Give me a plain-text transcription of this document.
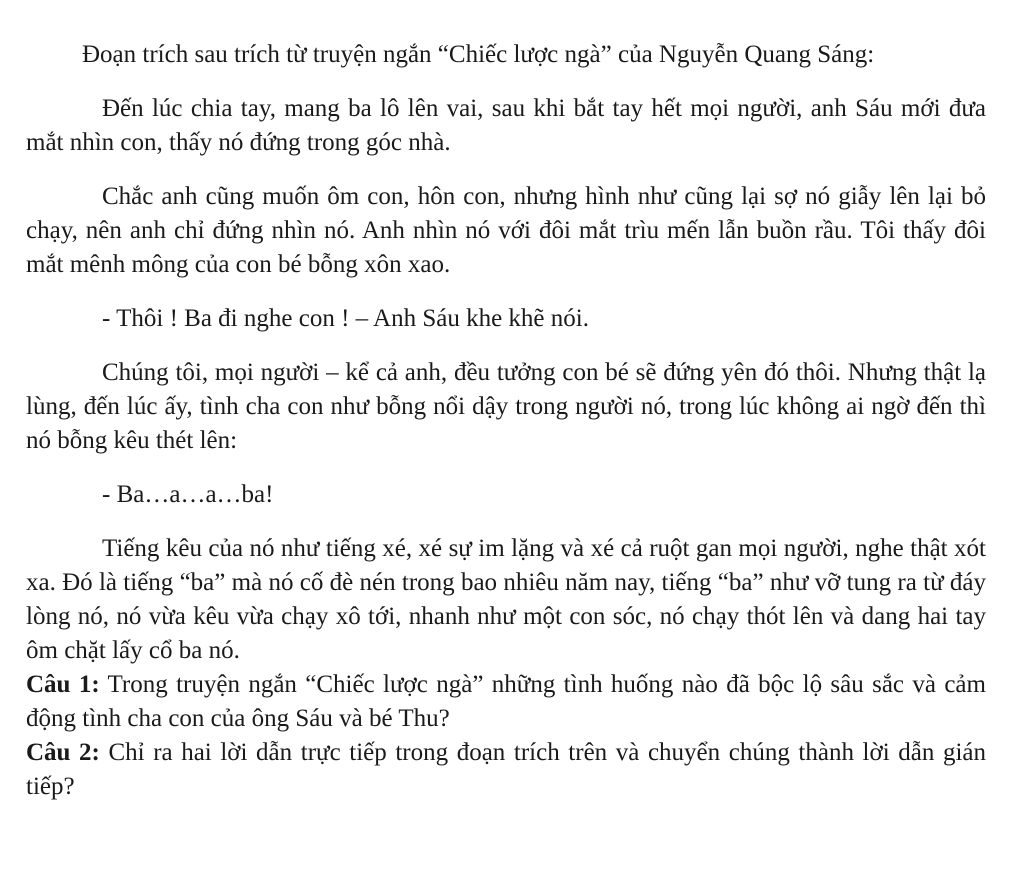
Đoạn trích sau trích từ truyện ngắn “Chiếc lược ngà” của Nguyễn Quang Sáng:

Đến lúc chia tay, mang ba lô lên vai, sau khi bắt tay hết mọi người, anh Sáu mới đưa mắt nhìn con, thấy nó đứng trong góc nhà.

Chắc anh cũng muốn ôm con, hôn con, nhưng hình như cũng lại sợ nó giẫy lên lại bỏ chạy, nên anh chỉ đứng nhìn nó. Anh nhìn nó với đôi mắt trìu mến lẫn buồn rầu. Tôi thấy đôi mắt mênh mông của con bé bỗng xôn xao.

- Thôi ! Ba đi nghe con ! – Anh Sáu khe khẽ nói.

Chúng tôi, mọi người – kể cả anh, đều tưởng con bé sẽ đứng yên đó thôi. Nhưng thật lạ lùng, đến lúc ấy, tình cha con như bỗng nổi dậy trong người nó, trong lúc không ai ngờ đến thì nó bỗng kêu thét lên:

- Ba…a…a…ba!

Tiếng kêu của nó như tiếng xé, xé sự im lặng và xé cả ruột gan mọi người, nghe thật xót xa. Đó là tiếng “ba” mà nó cố đè nén trong bao nhiêu năm nay, tiếng “ba” như vỡ tung ra từ đáy lòng nó, nó vừa kêu vừa chạy xô tới, nhanh như một con sóc, nó chạy thót lên và dang hai tay ôm chặt lấy cổ ba nó.

Câu 1: Trong truyện ngắn “Chiếc lược ngà” những tình huống nào đã bộc lộ sâu sắc và cảm động tình cha con của ông Sáu và bé Thu?

Câu 2: Chỉ ra hai lời dẫn trực tiếp trong đoạn trích trên và chuyển chúng thành lời dẫn gián tiếp?
